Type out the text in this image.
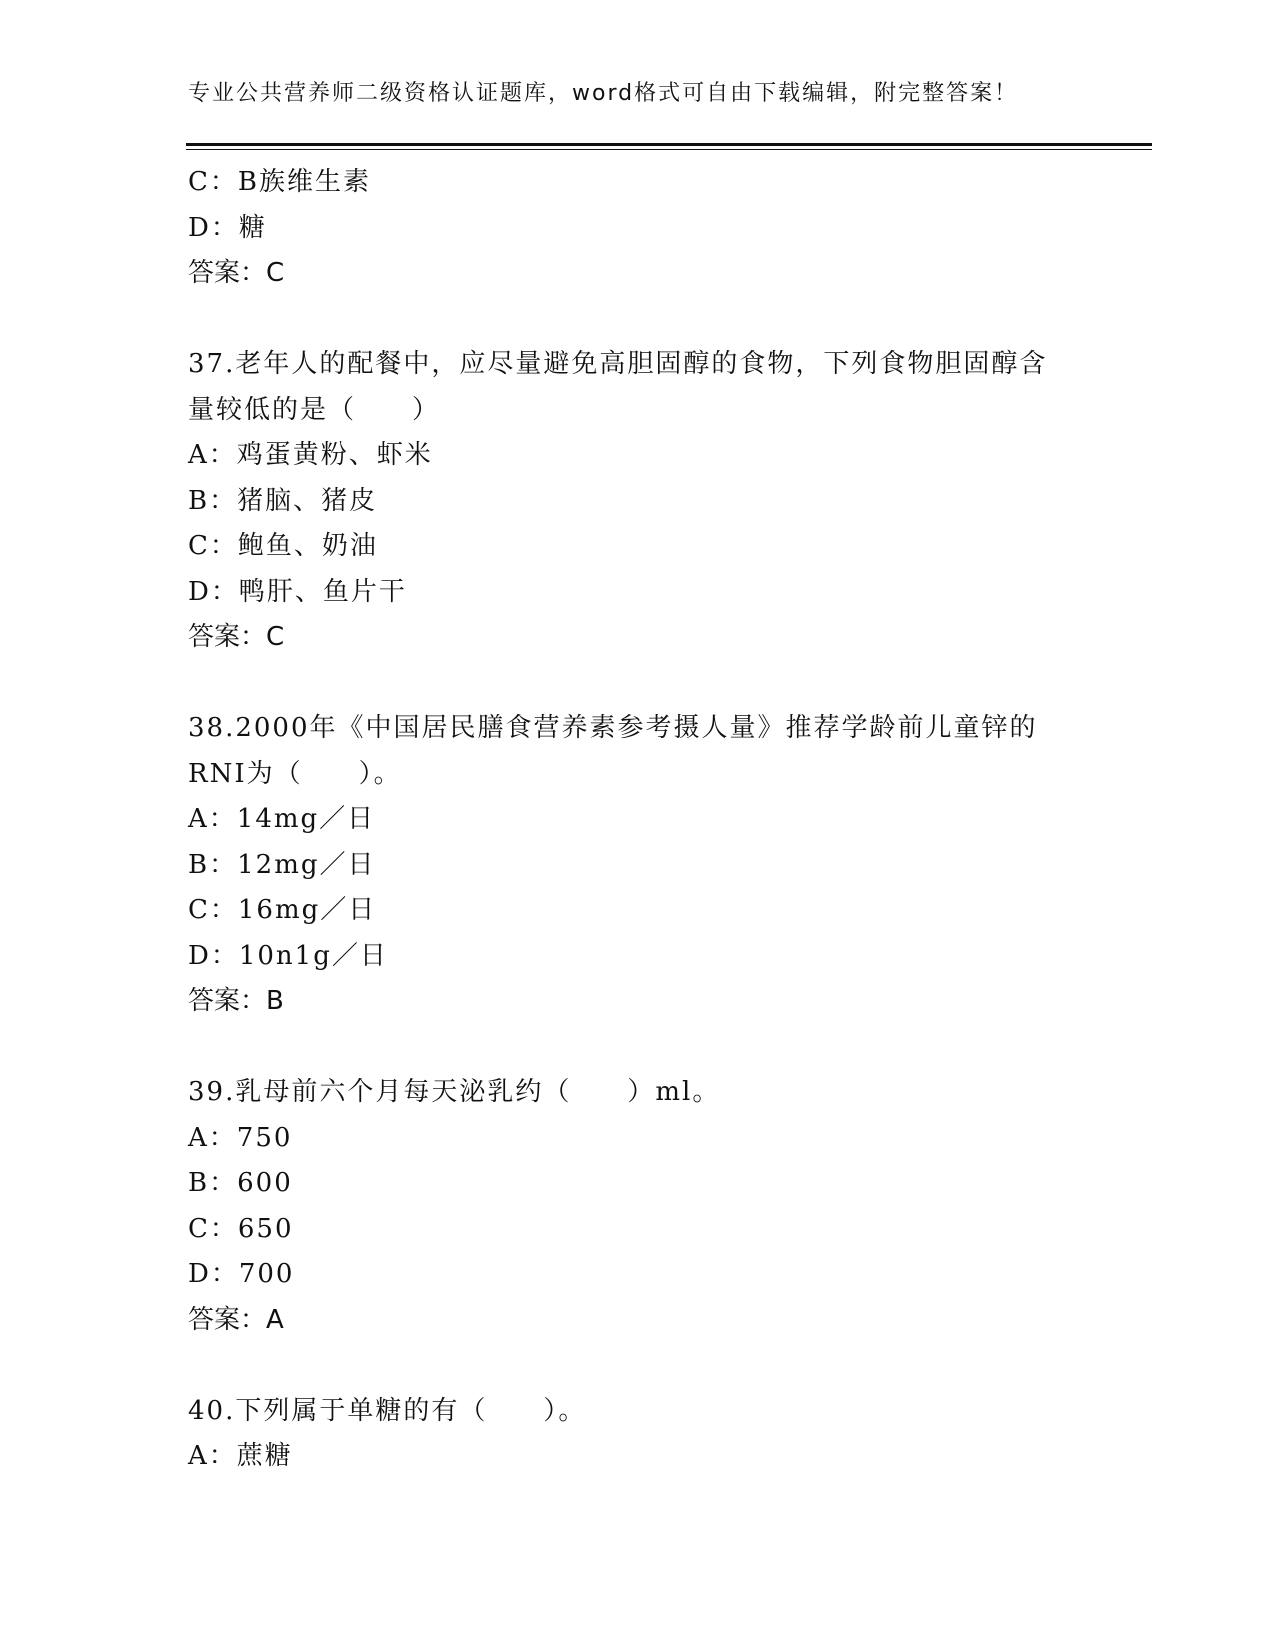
专业公共营养师二级资格认证题库，word格式可自由下载编辑，附完整答案！
C：B族维生素
D：糖
答案：C
37.老年人的配餐中，应尽量避免高胆固醇的食物，下列食物胆固醇含
量较低的是（　　）
A：鸡蛋黄粉、虾米
B：猪脑、猪皮
C：鲍鱼、奶油
D：鸭肝、鱼片干
答案：C
38.2000年《中国居民膳食营养素参考摄人量》推荐学龄前儿童锌的
RNI为（　　）。
A：14mg／日
B：12mg／日
C：16mg／日
D：10n1g／日
答案：B
39.乳母前六个月每天泌乳约（　　）ml。
A：750
B：600
C：650
D：700
答案：A
40.下列属于单糖的有（　　）。
A：蔗糖
